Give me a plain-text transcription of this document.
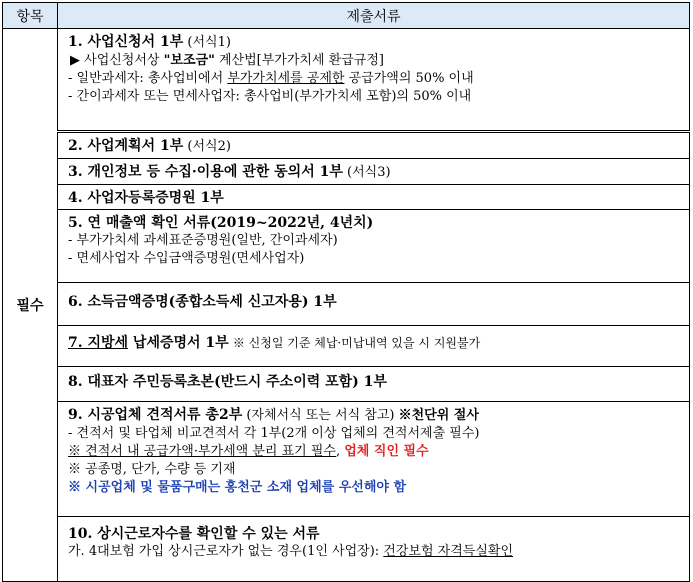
항목	제출서류
필수	1. 사업신청서 1부 (서식1)
▶ 사업신청서상 "보조금" 계산법[부가가치세 환급규정]
- 일반과세자: 총사업비에서 부가가치세를 공제한 공급가액의 50% 이내
- 간이과세자 또는 면세사업자: 총사업비(부가가치세 포함)의 50% 이내

	2. 사업계획서 1부 (서식2)

	3. 개인정보 등 수집·이용에 관한 동의서 1부 (서식3)

	4. 사업자등록증명원 1부

	5. 연 매출액 확인 서류(2019~2022년, 4년치)
- 부가가치세 과세표준증명원(일반, 간이과세자)
- 면세사업자 수입금액증명원(면세사업자)

	6. 소득금액증명(종합소득세 신고자용) 1부

	7. 지방세 납세증명서 1부 ※ 신청일 기준 체납·미납내역 있을 시 지원불가

	8. 대표자 주민등록초본(반드시 주소이력 포함) 1부

	9. 시공업체 견적서류 총2부 (자체서식 또는 서식 참고) ※천단위 절사
- 견적서 및 타업체 비교견적서 각 1부(2개 이상 업체의 견적서제출 필수)
※ 견적서 내 공급가액·부가세액 분리 표기 필수, 업체 직인 필수
※ 공종명, 단가, 수량 등 기재
※ 시공업체 및 물품구매는 홍천군 소재 업체를 우선해야 함

	10. 상시근로자수를 확인할 수 있는 서류
가. 4대보험 가입 상시근로자가 없는 경우(1인 사업장): 건강보험 자격득실확인
